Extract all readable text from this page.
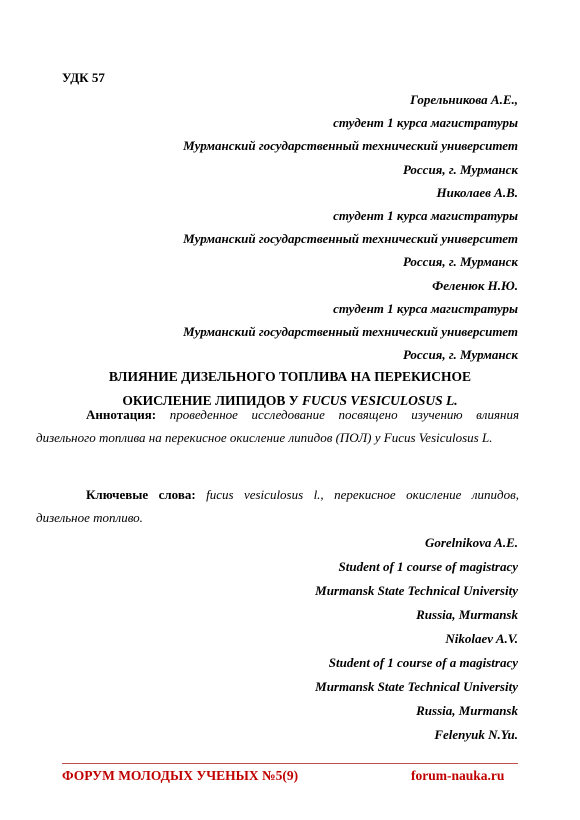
УДК 57
Горельникова А.Е.,
студент 1 курса магистратуры
Мурманский государственный технический университет
Россия, г. Мурманск
Николаев А.В.
студент 1 курса магистратуры
Мурманский государственный технический университет
Россия, г. Мурманск
Феленюк Н.Ю.
студент 1 курса магистратуры
Мурманский государственный технический университет
Россия, г. Мурманск
ВЛИЯНИЕ ДИЗЕЛЬНОГО ТОПЛИВА НА ПЕРЕКИСНОЕ
ОКИСЛЕНИЕ ЛИПИДОВ У FUCUS VESICULOSUS L.
Аннотация: проведенное исследование посвящено изучению влияния дизельного топлива на перекисное окисление липидов (ПОЛ) у Fucus Vesiculosus L.
Ключевые слова: fucus vesiculosus l., перекисное окисление липидов, дизельное топливо.
Gorelnikova A.E.
Student of 1 course of magistracy
Murmansk State Technical University
Russia, Murmansk
Nikolaev A.V.
Student of 1 course of a magistracy
Murmansk State Technical University
Russia, Murmansk
Felenyuk N.Yu.
ФОРУМ МОЛОДЫХ УЧЕНЫХ №5(9)	forum-nauka.ru
